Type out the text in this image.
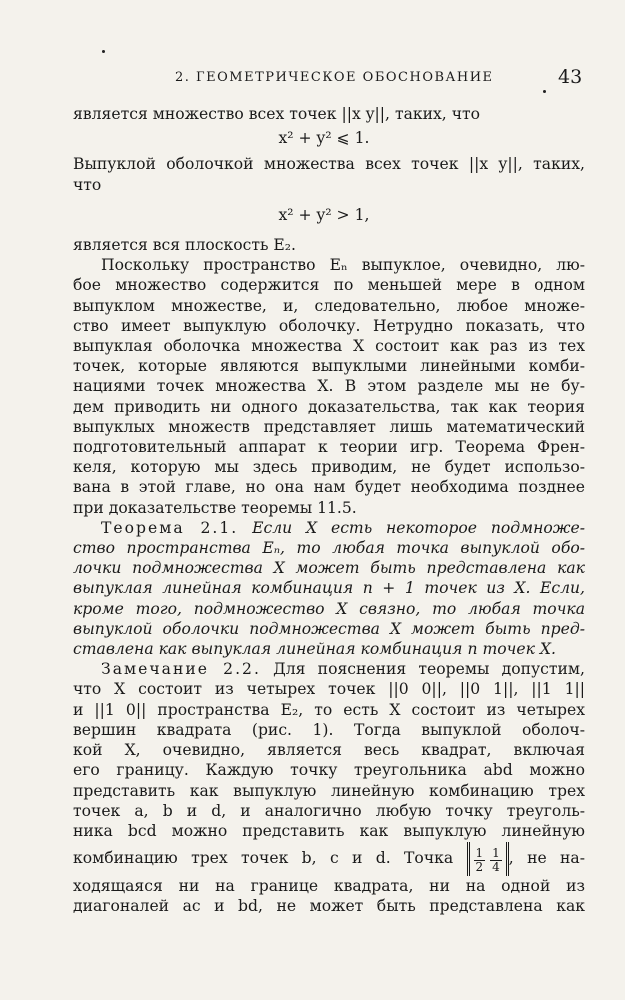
2. ГЕОМЕТРИЧЕСКОЕ ОБОСНОВАНИЕ	43
является множество всех точек ||x y||, таких, что
x² + y² ⩽ 1.
Выпуклой оболочкой множества всех точек ||x y||, таких,
что
x² + y² > 1,
является вся плоскость E₂.
Поскольку пространство Eₙ выпуклое, очевидно, лю-
бое множество содержится по меньшей мере в одном
выпуклом множестве, и, следовательно, любое множе-
ство имеет выпуклую оболочку. Нетрудно показать, что
выпуклая оболочка множества X состоит как раз из тех
точек, которые являются выпуклыми линейными комби-
нациями точек множества X. В этом разделе мы не бу-
дем приводить ни одного доказательства, так как теория
выпуклых множеств представляет лишь математический
подготовительный аппарат к теории игр. Теорема Френ-
келя, которую мы здесь приводим, не будет использо-
вана в этой главе, но она нам будет необходима позднее
при доказательстве теоремы 11.5.
Теорема 2.1. Если X есть некоторое подмноже-
ство пространства Eₙ, то любая точка выпуклой обо-
лочки подмножества X может быть представлена как
выпуклая линейная комбинация n + 1 точек из X. Если,
кроме того, подмножество X связно, то любая точка
выпуклой оболочки подмножества X может быть пред-
ставлена как выпуклая линейная комбинация n точек X.
Замечание 2.2. Для пояснения теоремы допустим,
что X состоит из четырех точек ||0 0||, ||0 1||, ||1 1||
и ||1 0|| пространства E₂, то есть X состоит из четырех
вершин квадрата (рис. 1). Тогда выпуклой оболоч-
кой X, очевидно, является весь квадрат, включая
его границу. Каждую точку треугольника abd можно
представить как выпуклую линейную комбинацию трех
точек a, b и d, и аналогично любую точку треуголь-
ника bcd можно представить как выпуклую линейную
комбинацию трех точек b, c и d. Точка $\frac{1}{2}$
$\frac{1}{4}$ , не на-
ходящаяся ни на границе квадрата, ни на одной из
диагоналей ac и bd, не может быть представлена как
